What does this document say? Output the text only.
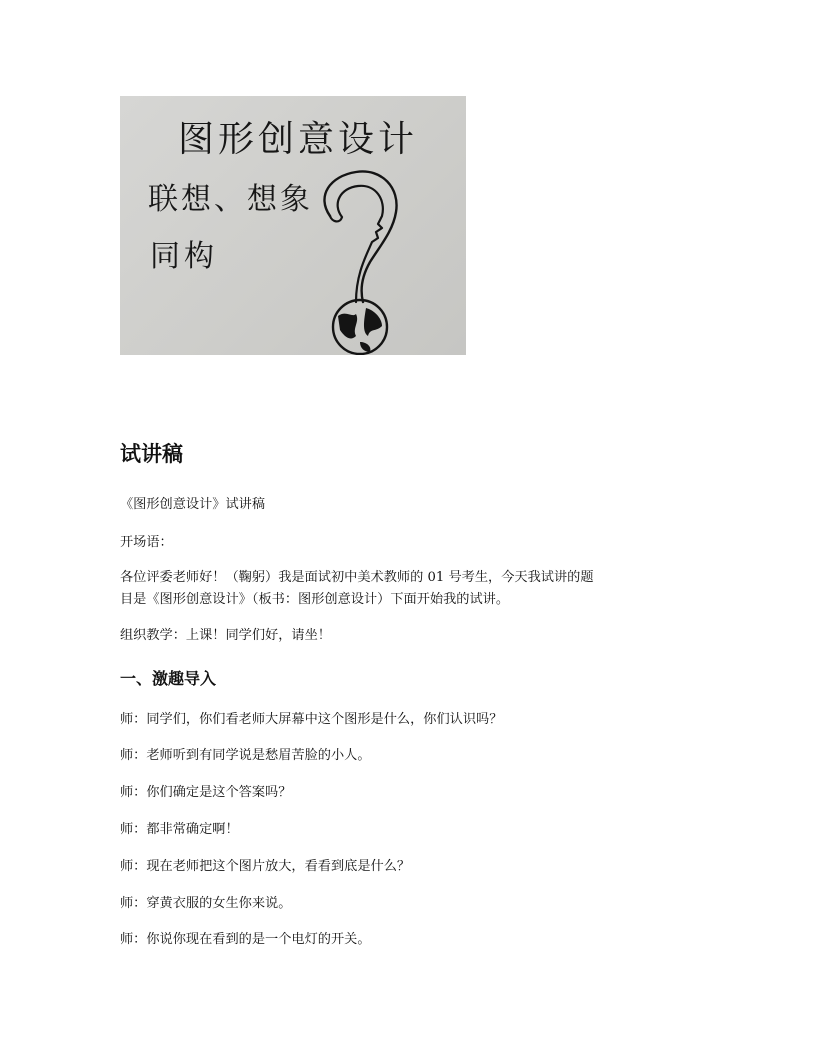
图形创意设计
联想、想象
同构
试讲稿

《图形创意设计》试讲稿

开场语：

各位评委老师好！（鞠躬）我是面试初中美术教师的 01 号考生，今天我试讲的题

目是《图形创意设计》（板书：图形创意设计）下面开始我的试讲。

组织教学：上课！同学们好，请坐！

一、激趣导入

师：同学们，你们看老师大屏幕中这个图形是什么，你们认识吗？

师：老师听到有同学说是愁眉苦脸的小人。

师：你们确定是这个答案吗？

师：都非常确定啊！

师：现在老师把这个图片放大，看看到底是什么？

师：穿黄衣服的女生你来说。

师：你说你现在看到的是一个电灯的开关。
